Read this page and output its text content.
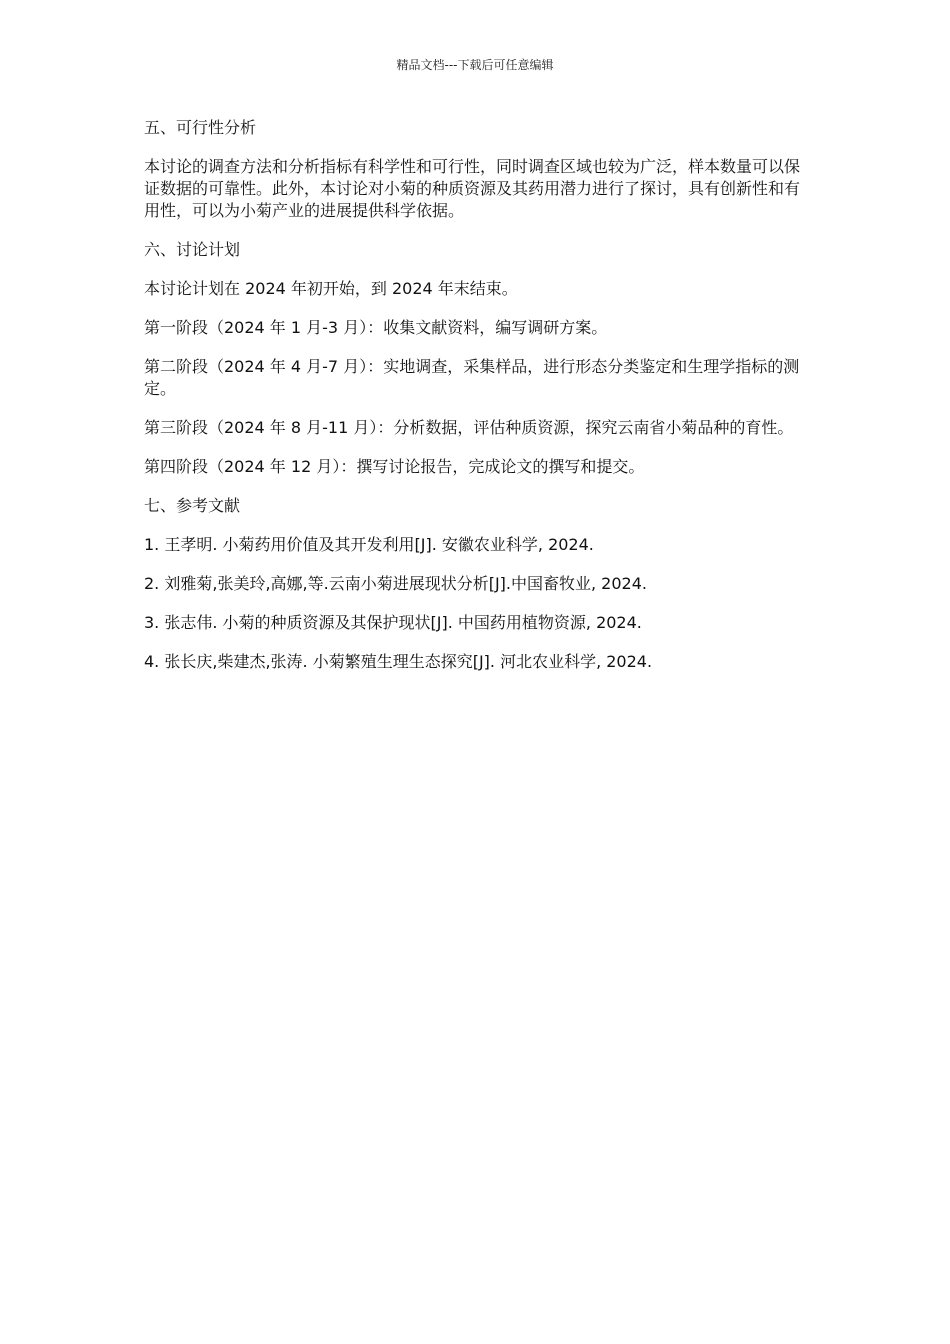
精品文档---下载后可任意编辑

五、可行性分析

本讨论的调查方法和分析指标有科学性和可行性，同时调查区域也较为广泛，样本数量可以保证数据的可靠性。此外，本讨论对小菊的种质资源及其药用潜力进行了探讨，具有创新性和有用性，可以为小菊产业的进展提供科学依据。

六、讨论计划

本讨论计划在 2024 年初开始，到 2024 年末结束。

第一阶段（2024 年 1 月-3 月）：收集文献资料，编写调研方案。

第二阶段（2024 年 4 月-7 月）：实地调查，采集样品，进行形态分类鉴定和生理学指标的测定。

第三阶段（2024 年 8 月-11 月）：分析数据，评估种质资源，探究云南省小菊品种的育性。

第四阶段（2024 年 12 月）：撰写讨论报告，完成论文的撰写和提交。

七、参考文献

1. 王孝明. 小菊药用价值及其开发利用[J]. 安徽农业科学, 2024.

2. 刘雅菊,张美玲,高娜,等.云南小菊进展现状分析[J].中国畜牧业, 2024.

3. 张志伟. 小菊的种质资源及其保护现状[J]. 中国药用植物资源, 2024.

4. 张长庆,柴建杰,张涛. 小菊繁殖生理生态探究[J]. 河北农业科学, 2024.
